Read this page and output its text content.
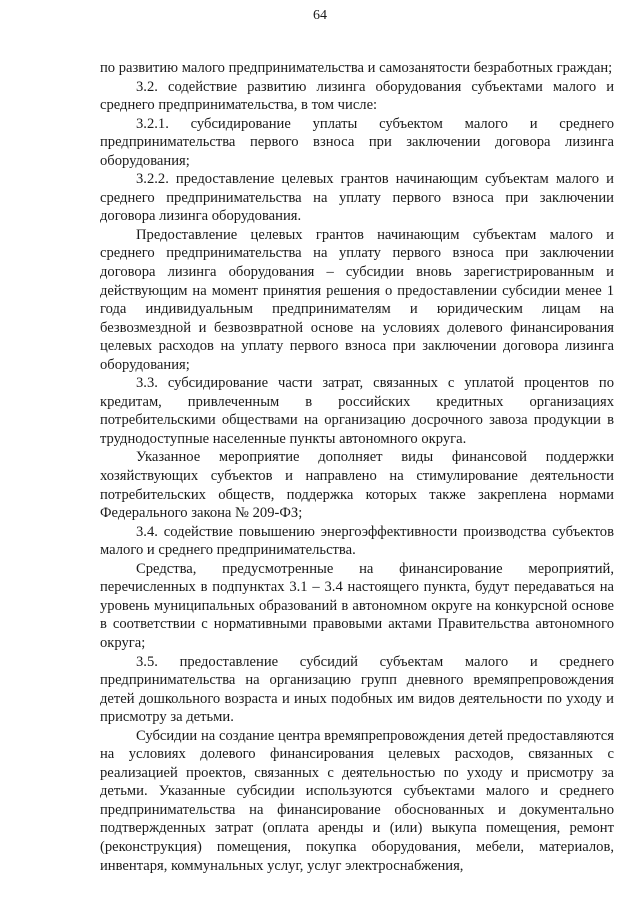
64

по развитию малого предпринимательства и самозанятости безработных граждан;

3.2. содействие развитию лизинга оборудования субъектами малого и среднего предпринимательства, в том числе:

3.2.1. субсидирование уплаты субъектом малого и среднего предпринимательства первого взноса при заключении договора лизинга оборудования;

3.2.2. предоставление целевых грантов начинающим субъектам малого и среднего предпринимательства на уплату первого взноса при заключении договора лизинга оборудования.

Предоставление целевых грантов начинающим субъектам малого и среднего предпринимательства на уплату первого взноса при заключении договора лизинга оборудования – субсидии вновь зарегистрированным и действующим на момент принятия решения о предоставлении субсидии менее 1 года индивидуальным предпринимателям и юридическим лицам на безвозмездной и безвозвратной основе на условиях долевого финансирования целевых расходов на уплату первого взноса при заключении договора лизинга оборудования;

3.3. субсидирование части затрат, связанных с уплатой процентов по кредитам, привлеченным в российских кредитных организациях потребительскими обществами на организацию досрочного завоза продукции в труднодоступные населенные пункты автономного округа.

Указанное мероприятие дополняет виды финансовой поддержки хозяйствующих субъектов и направлено на стимулирование деятельности потребительских обществ, поддержка которых также закреплена нормами Федерального закона № 209-ФЗ;

3.4. содействие повышению энергоэффективности производства субъектов малого и среднего предпринимательства.

Средства, предусмотренные на финансирование мероприятий, перечисленных в подпунктах 3.1 – 3.4 настоящего пункта, будут передаваться на уровень муниципальных образований в автономном округе на конкурсной основе в соответствии с нормативными правовыми актами Правительства автономного округа;

3.5. предоставление субсидий субъектам малого и среднего предпринимательства на организацию групп дневного времяпрепровождения детей дошкольного возраста и иных подобных им видов деятельности по уходу и присмотру за детьми.

Субсидии на создание центра времяпрепровождения детей предоставляются на условиях долевого финансирования целевых расходов, связанных с реализацией проектов, связанных с деятельностью по уходу и присмотру за детьми. Указанные субсидии используются субъектами малого и среднего предпринимательства на финансирование обоснованных и документально подтвержденных затрат (оплата аренды и (или) выкупа помещения, ремонт (реконструкция) помещения, покупка оборудования, мебели, материалов, инвентаря, коммунальных услуг, услуг электроснабжения,
